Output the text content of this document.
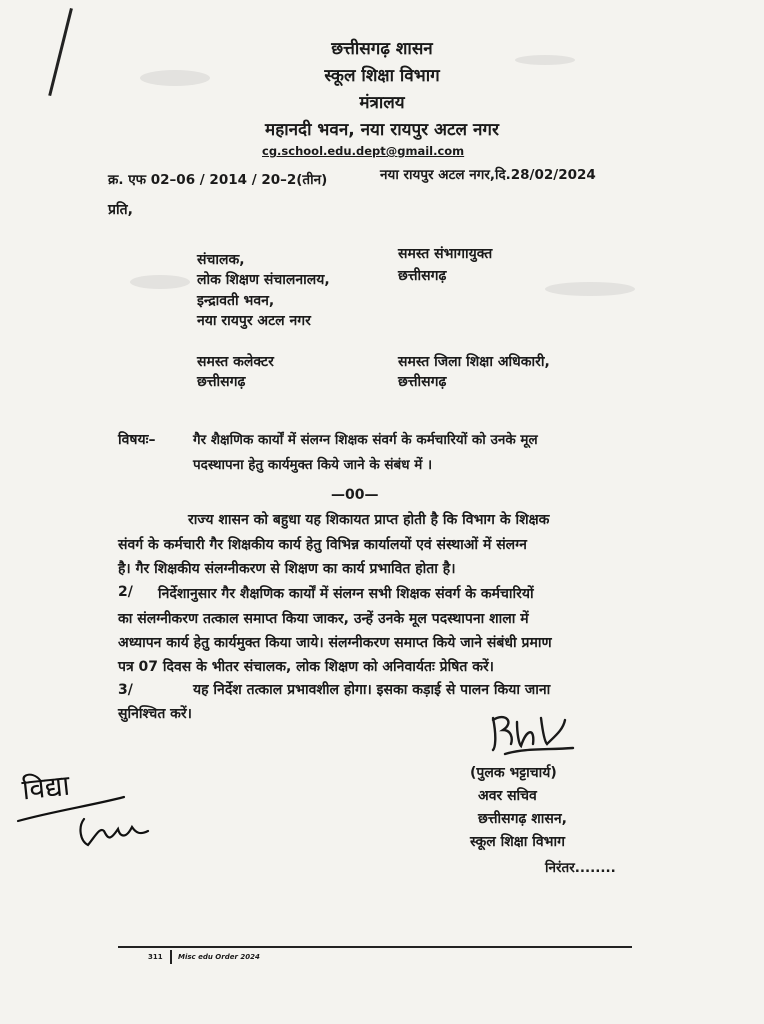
छत्तीसगढ़ शासन
स्कूल शिक्षा विभाग
मंत्रालय
महानदी भवन, नया रायपुर अटल नगर
cg.school.edu.dept@gmail.com
क्र. एफ 02–06 / 2014 / 20–2(तीन)	नया रायपुर अटल नगर,दि.28/02/2024
प्रति,
संचालक,
लोक शिक्षण संचालनालय,
इन्द्रावती भवन,
नया रायपुर अटल नगर
समस्त संभागायुक्त
छत्तीसगढ़
समस्त कलेक्टर
छत्तीसगढ़
समस्त जिला शिक्षा अधिकारी,
छत्तीसगढ़
विषयः–	गैर शैक्षणिक कार्यों में संलग्न शिक्षक संवर्ग के कर्मचारियों को उनके मूल
पदस्थापना हेतु कार्यमुक्त किये जाने के संबंध में ।
—00—
राज्य शासन को बहुधा यह शिकायत प्राप्त होती है कि विभाग के शिक्षक
संवर्ग के कर्मचारी गैर शिक्षकीय कार्य हेतु विभिन्न कार्यालयों एवं संस्थाओं में संलग्न
है। गैर शिक्षकीय संलग्नीकरण से शिक्षण का कार्य प्रभावित होता है।
2/ निर्देशानुसार गैर शैक्षणिक कार्यों में संलग्न सभी शिक्षक संवर्ग के कर्मचारियों
का संलग्नीकरण तत्काल समाप्त किया जाकर, उन्हें उनके मूल पदस्थापना शाला में
अध्यापन कार्य हेतु कार्यमुक्त किया जाये। संलग्नीकरण समाप्त किये जाने संबंधी प्रमाण
पत्र 07 दिवस के भीतर संचालक, लोक शिक्षण को अनिवार्यतः प्रेषित करें।
3/	यह निर्देश तत्काल प्रभावशील होगा। इसका कड़ाई से पालन किया जाना
सुनिश्चित करें।
(पुलक भट्टाचार्य)
अवर सचिव
छत्तीसगढ़ शासन,
स्कूल शिक्षा विभाग
निरंतर........
विद्या
311 Misc edu Order 2024
